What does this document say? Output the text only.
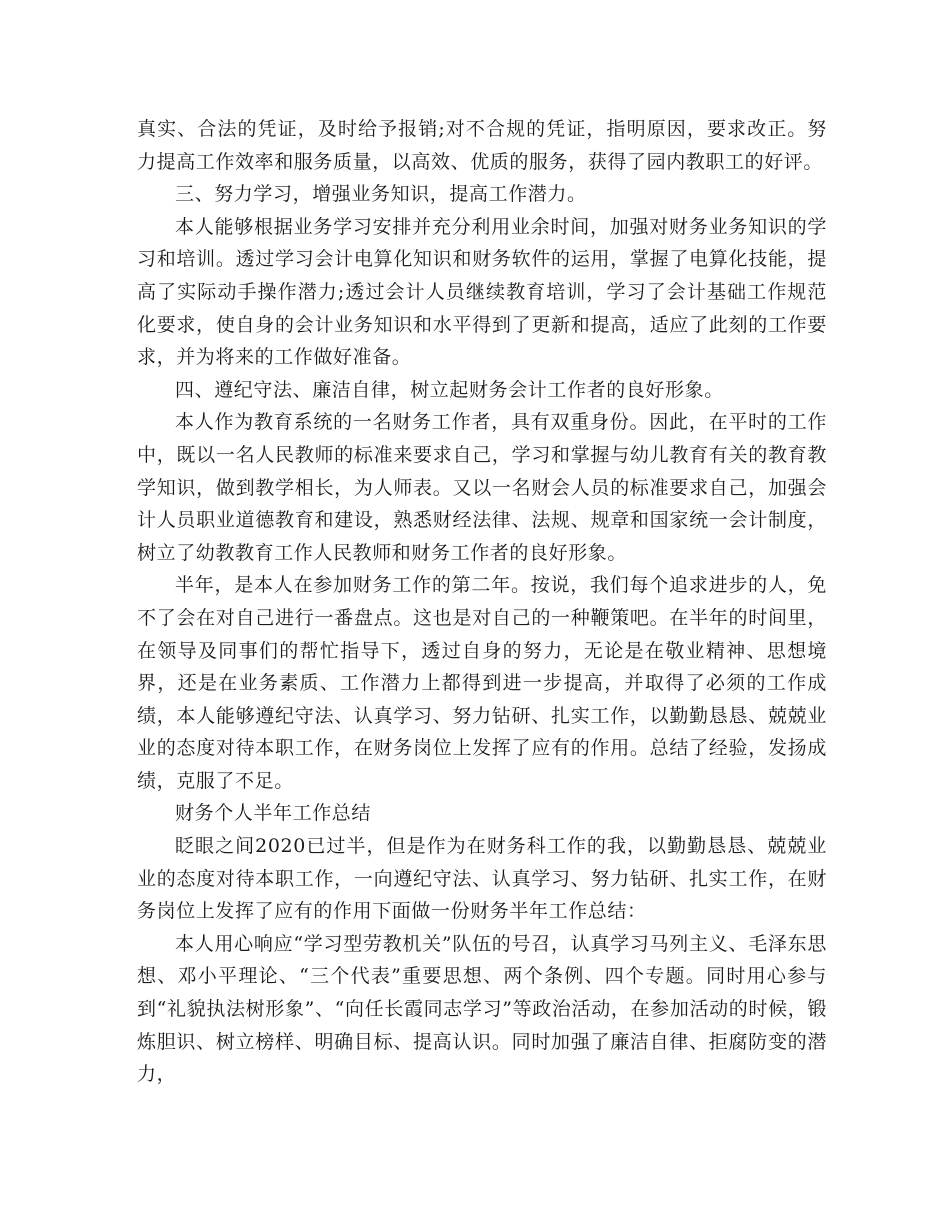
真实、合法的凭证，及时给予报销;对不合规的凭证，指明原因，要求改正。努力提高工作效率和服务质量，以高效、优质的服务，获得了园内教职工的好评。

三、努力学习，增强业务知识，提高工作潜力。

本人能够根据业务学习安排并充分利用业余时间，加强对财务业务知识的学习和培训。透过学习会计电算化知识和财务软件的运用，掌握了电算化技能，提高了实际动手操作潜力;透过会计人员继续教育培训，学习了会计基础工作规范化要求，使自身的会计业务知识和水平得到了更新和提高，适应了此刻的工作要求，并为将来的工作做好准备。

四、遵纪守法、廉洁自律，树立起财务会计工作者的良好形象。

本人作为教育系统的一名财务工作者，具有双重身份。因此，在平时的工作中，既以一名人民教师的标准来要求自己，学习和掌握与幼儿教育有关的教育教学知识，做到教学相长，为人师表。又以一名财会人员的标准要求自己，加强会计人员职业道德教育和建设，熟悉财经法律、法规、规章和国家统一会计制度，树立了幼教教育工作人民教师和财务工作者的良好形象。

半年，是本人在参加财务工作的第二年。按说，我们每个追求进步的人，免不了会在对自己进行一番盘点。这也是对自己的一种鞭策吧。在半年的时间里，在领导及同事们的帮忙指导下，透过自身的努力，无论是在敬业精神、思想境界，还是在业务素质、工作潜力上都得到进一步提高，并取得了必须的工作成绩，本人能够遵纪守法、认真学习、努力钻研、扎实工作，以勤勤恳恳、兢兢业业的态度对待本职工作，在财务岗位上发挥了应有的作用。总结了经验，发扬成绩，克服了不足。

财务个人半年工作总结

眨眼之间2020已过半，但是作为在财务科工作的我，以勤勤恳恳、兢兢业业的态度对待本职工作，一向遵纪守法、认真学习、努力钻研、扎实工作，在财务岗位上发挥了应有的作用下面做一份财务半年工作总结：

本人用心响应“学习型劳教机关”队伍的号召，认真学习马列主义、毛泽东思想、邓小平理论、“三个代表”重要思想、两个条例、四个专题。同时用心参与到“礼貌执法树形象”、“向任长霞同志学习”等政治活动，在参加活动的时候，锻炼胆识、树立榜样、明确目标、提高认识。同时加强了廉洁自律、拒腐防变的潜力，
